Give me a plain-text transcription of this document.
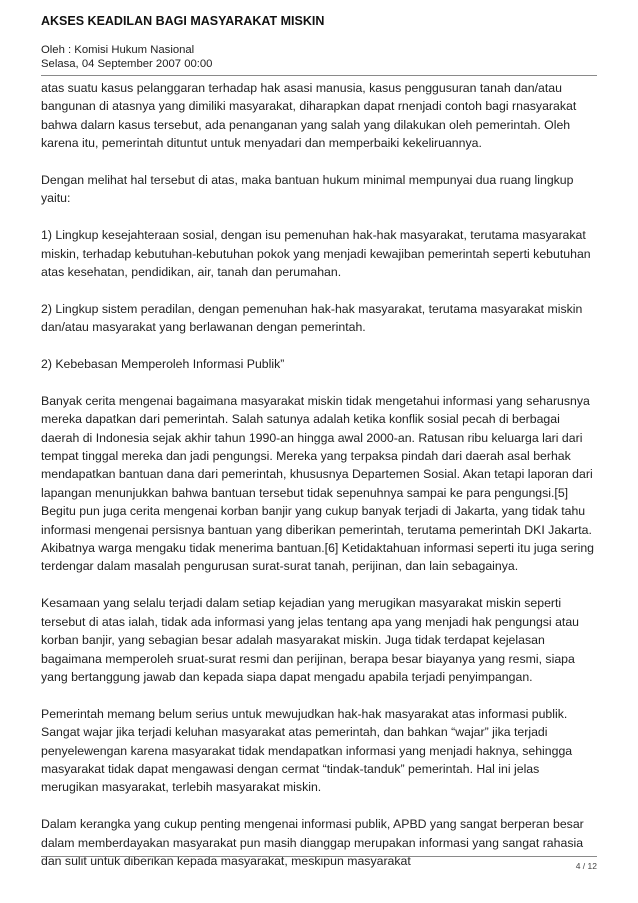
AKSES KEADILAN BAGI MASYARAKAT MISKIN
Oleh : Komisi Hukum Nasional
Selasa, 04 September 2007 00:00

atas suatu kasus pelanggaran terhadap hak asasi manusia, kasus penggusuran tanah dan/atau bangunan di atasnya yang dimiliki masyarakat, diharapkan dapat rnenjadi contoh bagi rnasyarakat bahwa dalarn kasus tersebut, ada penanganan yang salah yang dilakukan oleh pemerintah. Oleh karena itu, pemerintah dituntut untuk menyadari dan memperbaiki kekeliruannya.

Dengan melihat hal tersebut di atas, maka bantuan hukum minimal mempunyai dua ruang lingkup yaitu:

1) Lingkup kesejahteraan sosial, dengan isu pemenuhan hak-hak masyarakat, terutama masyarakat miskin, terhadap kebutuhan-kebutuhan pokok yang menjadi kewajiban pemerintah seperti kebutuhan atas kesehatan, pendidikan, air, tanah dan perumahan.

2) Lingkup sistem peradilan, dengan pemenuhan hak-hak masyarakat, terutama masyarakat miskin dan/atau masyarakat yang berlawanan dengan pemerintah.

2) Kebebasan Memperoleh Informasi Publik”

Banyak cerita mengenai bagaimana masyarakat miskin tidak mengetahui informasi yang seharusnya mereka dapatkan dari pemerintah. Salah satunya adalah ketika konflik sosial pecah di berbagai daerah di Indonesia sejak akhir tahun 1990-an hingga awal 2000-an. Ratusan ribu keluarga lari dari tempat tinggal mereka dan jadi pengungsi. Mereka yang terpaksa pindah dari daerah asal berhak mendapatkan bantuan dana dari pemerintah, khususnya Departemen Sosial. Akan tetapi laporan dari lapangan menunjukkan bahwa bantuan tersebut tidak sepenuhnya sampai ke para pengungsi.[5] Begitu pun juga cerita mengenai korban banjir yang cukup banyak terjadi di Jakarta, yang tidak tahu informasi mengenai persisnya bantuan yang diberikan pemerintah, terutama pemerintah DKI Jakarta. Akibatnya warga mengaku tidak menerima bantuan.[6] Ketidaktahuan informasi seperti itu juga sering terdengar dalam masalah pengurusan surat-surat tanah, perijinan, dan lain sebagainya.

Kesamaan yang selalu terjadi dalam setiap kejadian yang merugikan masyarakat miskin seperti tersebut di atas ialah, tidak ada informasi yang jelas tentang apa yang menjadi hak pengungsi atau korban banjir, yang sebagian besar adalah masyarakat miskin. Juga tidak terdapat kejelasan bagaimana memperoleh sruat-surat resmi dan perijinan, berapa besar biayanya yang resmi, siapa yang bertanggung jawab dan kepada siapa dapat mengadu apabila terjadi penyimpangan.

Pemerintah memang belum serius untuk mewujudkan hak-hak masyarakat atas informasi publik. Sangat wajar jika terjadi keluhan masyarakat atas pemerintah, dan bahkan “wajar” jika terjadi penyelewengan karena masyarakat tidak mendapatkan informasi yang menjadi haknya, sehingga masyarakat tidak dapat mengawasi dengan cermat “tindak-tanduk” pemerintah. Hal ini jelas merugikan masyarakat, terlebih masyarakat miskin.

Dalam kerangka yang cukup penting mengenai informasi publik, APBD yang sangat berperan besar dalam memberdayakan masyarakat pun masih dianggap merupakan informasi yang sangat rahasia dan sulit untuk diberikan kepada masyarakat, meskipun masyarakat	4 / 12
